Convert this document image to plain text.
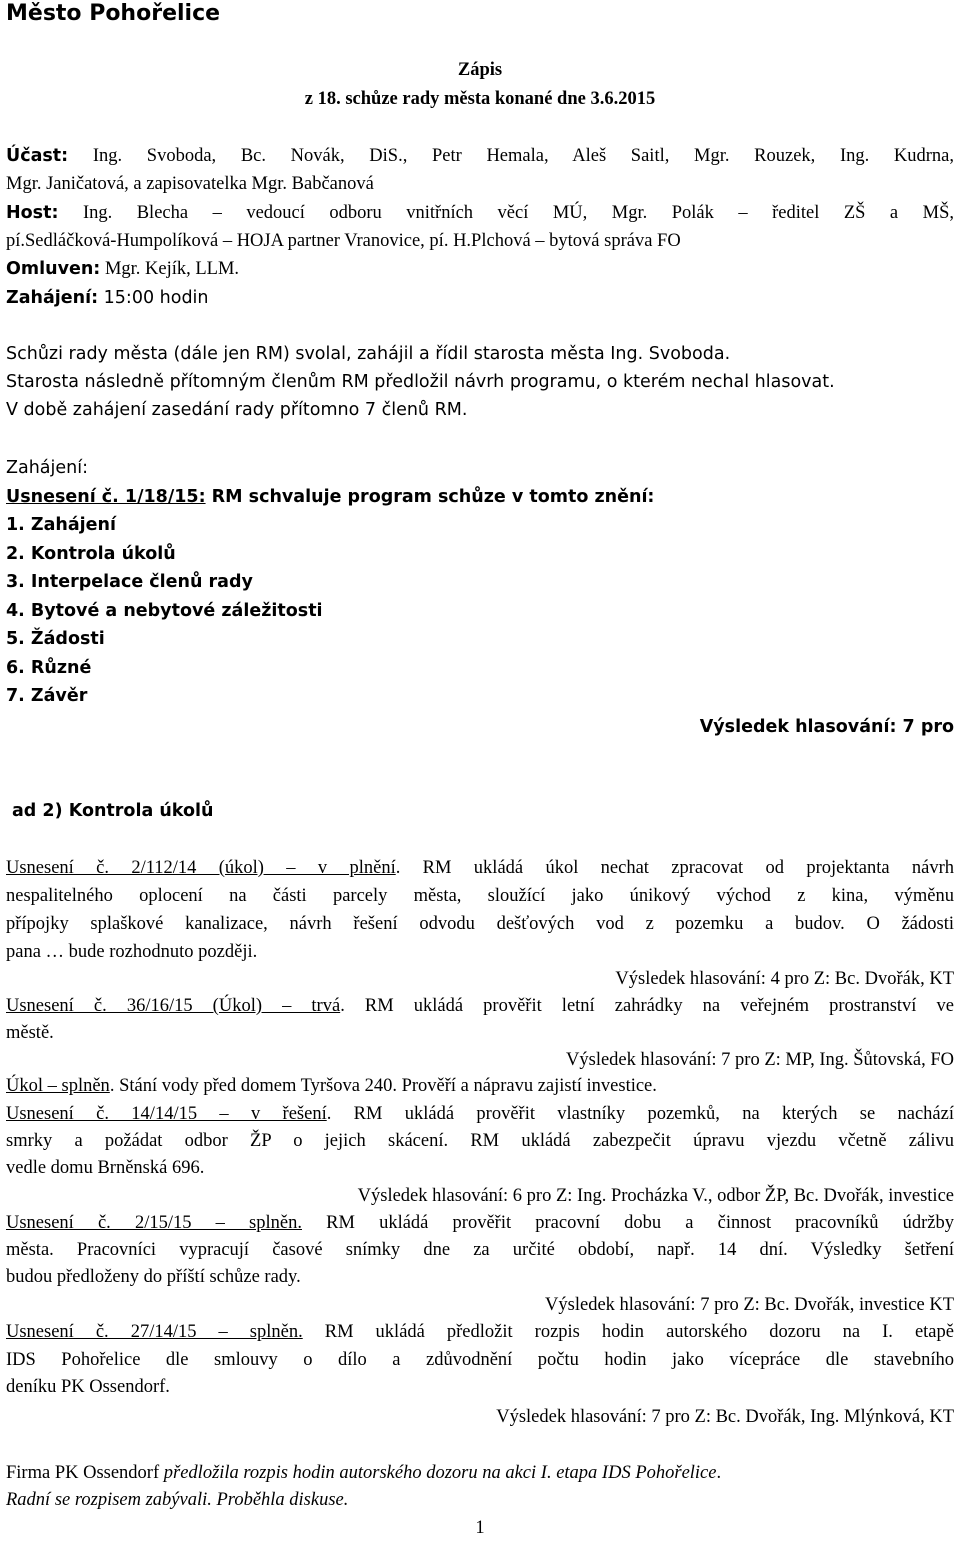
Město Pohořelice
Zápis
z 18. schůze rady města konané dne 3.6.2015
Účast: Ing. Svoboda, Bc. Novák, DiS., Petr Hemala, Aleš Saitl, Mgr. Rouzek, Ing. Kudrna,
Mgr. Janičatová, a zapisovatelka Mgr. Babčanová
Host: Ing. Blecha – vedoucí odboru vnitřních věcí MÚ, Mgr. Polák – ředitel ZŠ a MŠ,
pí.Sedláčková-Humpolíková – HOJA partner Vranovice, pí. H.Plchová – bytová správa FO
Omluven: Mgr. Kejík, LLM.
Zahájení: 15:00 hodin
Schůzi rady města (dále jen RM) svolal, zahájil a řídil starosta města Ing. Svoboda.
Starosta následně přítomným členům RM předložil návrh programu, o kterém nechal hlasovat.
V době zahájení zasedání rady přítomno 7 členů RM.
Zahájení:
Usnesení č. 1/18/15: RM schvaluje program schůze v tomto znění:
1. Zahájení
2. Kontrola úkolů
3. Interpelace členů rady
4. Bytové a nebytové záležitosti
5. Žádosti
6. Různé
7. Závěr
Výsledek hlasování: 7 pro
ad 2) Kontrola úkolů
Usnesení č. 2/112/14 (úkol) – v plnění. RM ukládá úkol nechat zpracovat od projektanta návrh
nespalitelného oplocení na části parcely města, sloužící jako únikový východ z kina, výměnu
přípojky splaškové kanalizace, návrh řešení odvodu dešťových vod z pozemku a budov. O žádosti
pana … bude rozhodnuto později.
Výsledek hlasování: 4 pro Z: Bc. Dvořák, KT
Usnesení č. 36/16/15 (Úkol) – trvá. RM ukládá prověřit letní zahrádky na veřejném prostranství ve
městě.
Výsledek hlasování: 7 pro Z: MP, Ing. Šůtovská, FO
Úkol – splněn. Stání vody před domem Tyršova 240. Prověří a nápravu zajistí investice.
Usnesení č. 14/14/15 – v řešení. RM ukládá prověřit vlastníky pozemků, na kterých se nachází
smrky a požádat odbor ŽP o jejich skácení. RM ukládá zabezpečit úpravu vjezdu včetně zálivu
vedle domu Brněnská 696.
Výsledek hlasování: 6 pro Z: Ing. Procházka V., odbor ŽP, Bc. Dvořák, investice
Usnesení č. 2/15/15 – splněn. RM ukládá prověřit pracovní dobu a činnost pracovníků údržby
města. Pracovníci vypracují časové snímky dne za určité období, např. 14 dní. Výsledky šetření
budou předloženy do příští schůze rady.
Výsledek hlasování: 7 pro Z: Bc. Dvořák, investice KT
Usnesení č. 27/14/15 – splněn. RM ukládá předložit rozpis hodin autorského dozoru na I. etapě
IDS Pohořelice dle smlouvy o dílo a zdůvodnění počtu hodin jako vícepráce dle stavebního
deníku PK Ossendorf.
Výsledek hlasování: 7 pro Z: Bc. Dvořák, Ing. Mlýnková, KT
Firma PK Ossendorf předložila rozpis hodin autorského dozoru na akci I. etapa IDS Pohořelice.
Radní se rozpisem zabývali. Proběhla diskuse.
1
